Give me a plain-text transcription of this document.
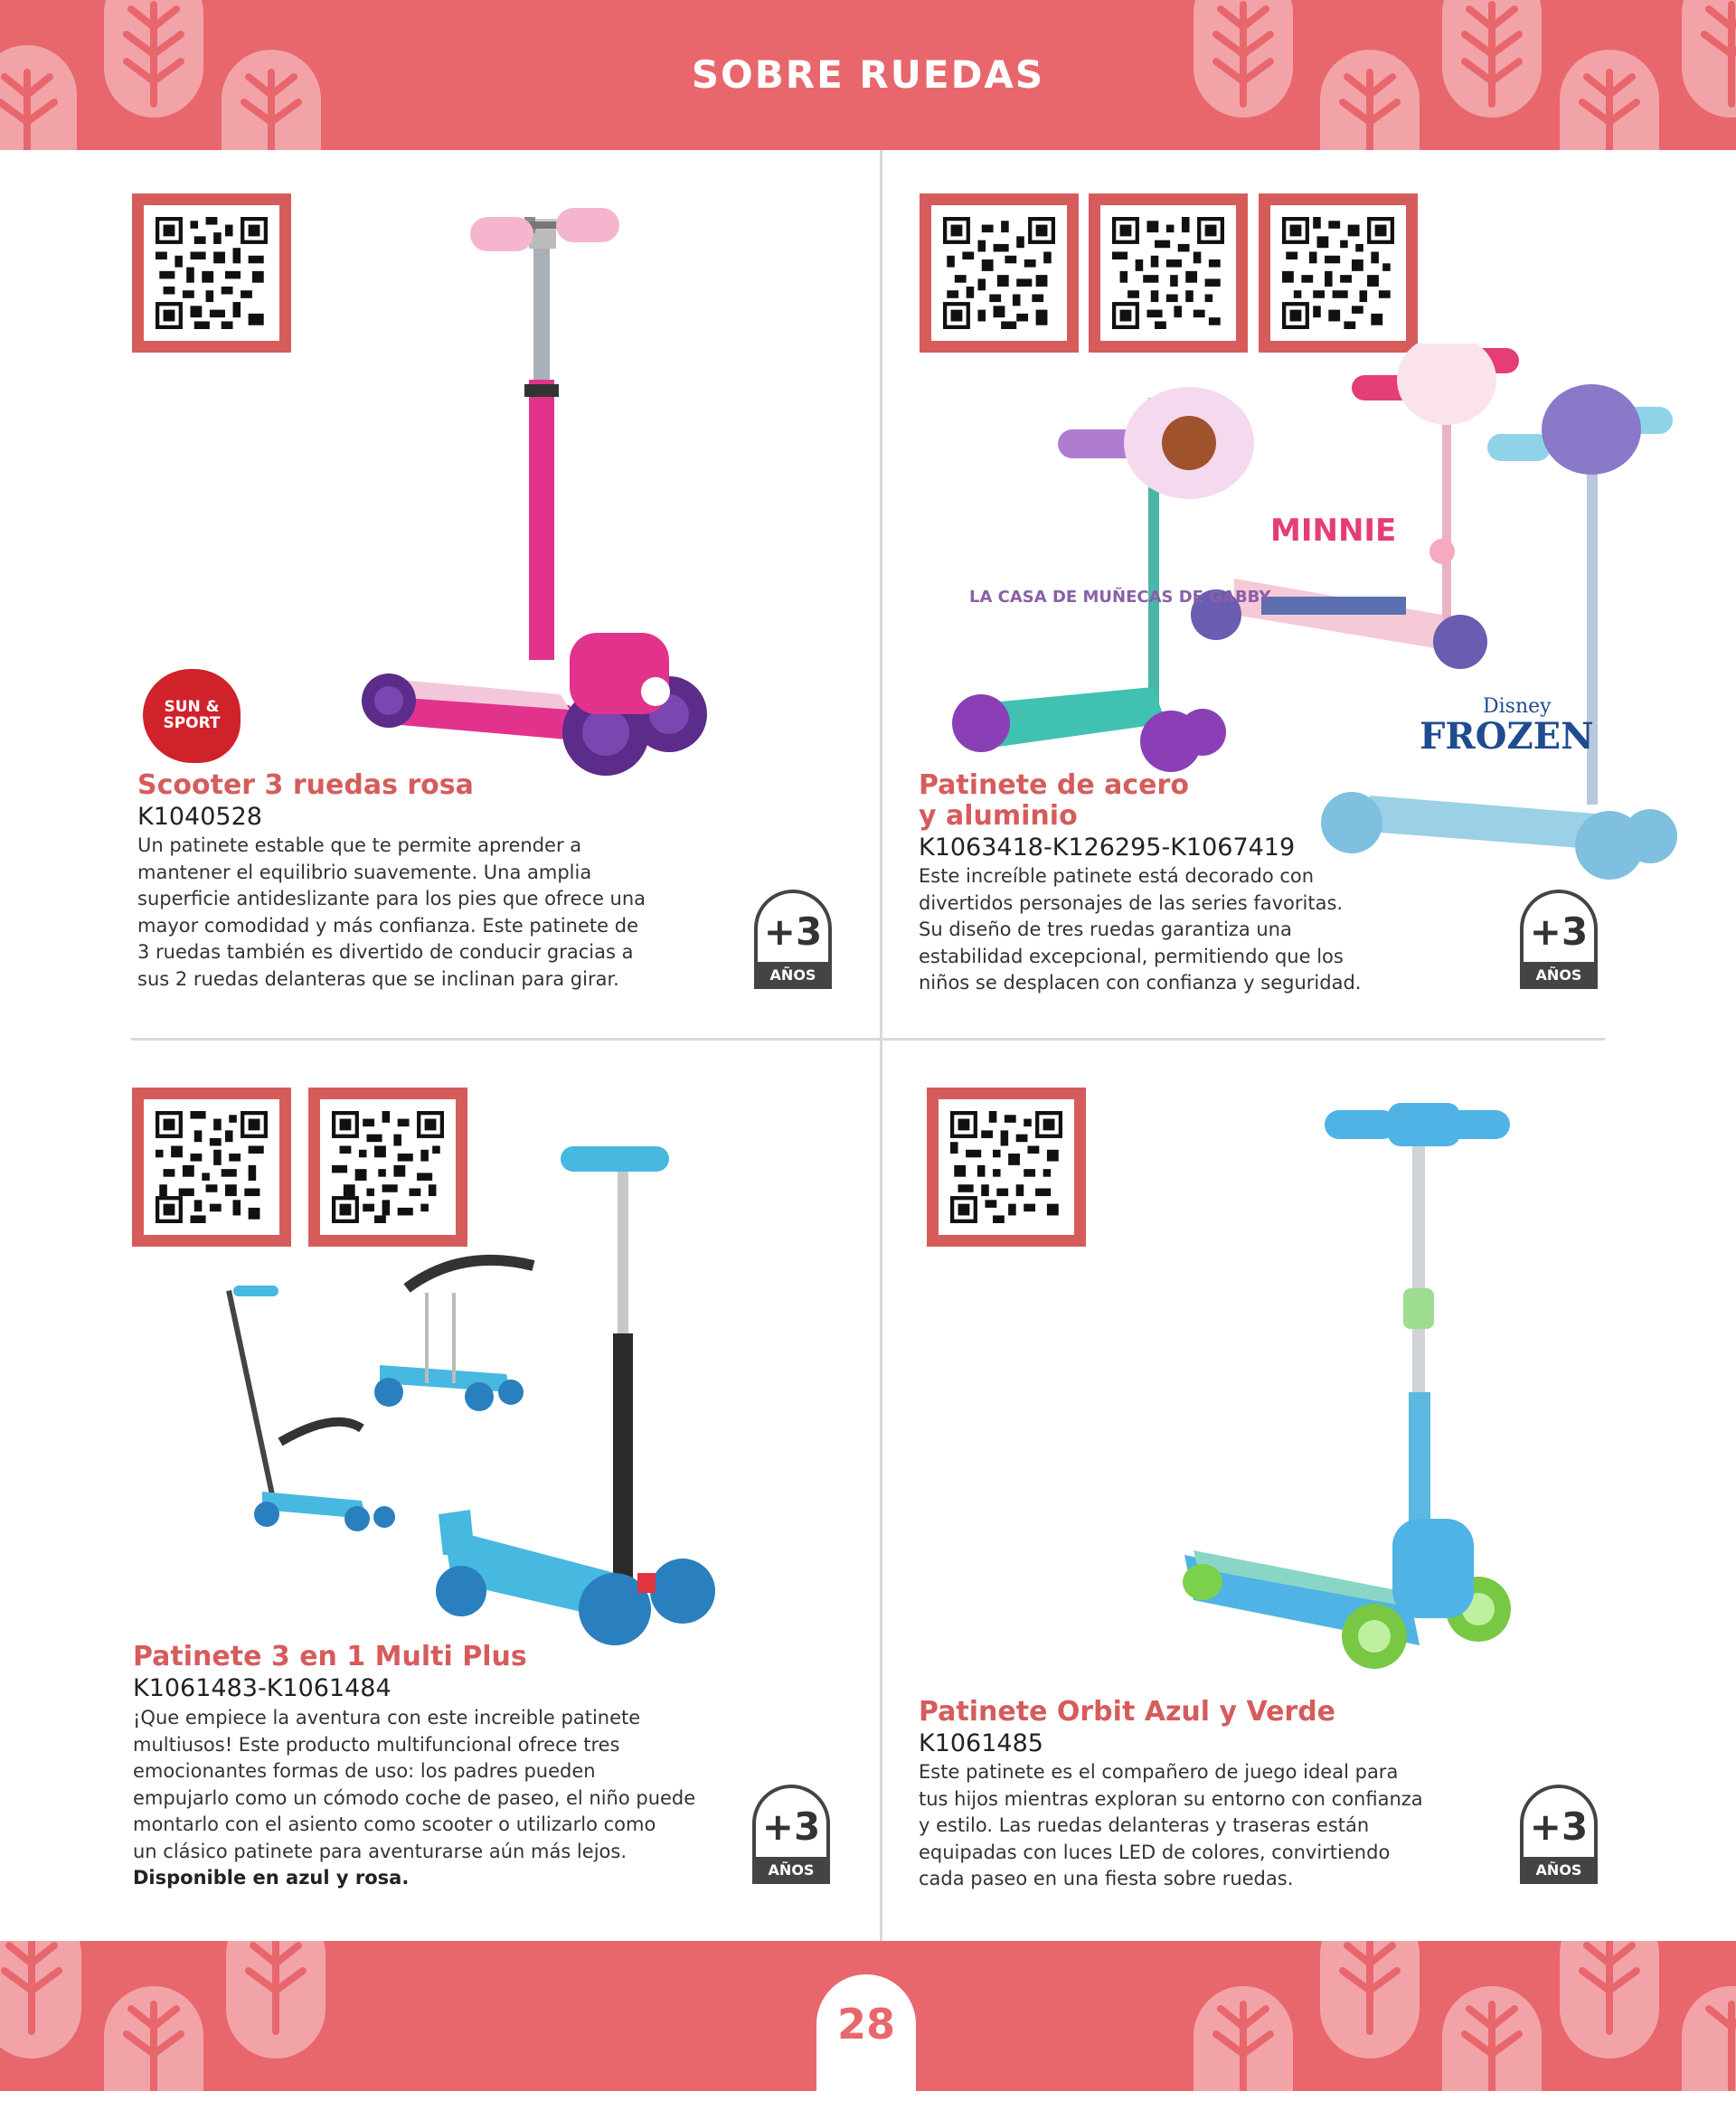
SOBRE RUEDAS
SUN & SPORT
Scooter 3 ruedas rosa
K1040528

Un patinete estable que te permite aprender a

mantener el equilibrio suavemente. Una amplia

superficie antideslizante para los pies que ofrece una

mayor comodidad y más confianza. Este patinete de

3 ruedas también es divertido de conducir gracias a

sus 2 ruedas delanteras que se inclinan para girar.

+3
AÑOS
LA CASA DE MUÑECAS DE GABBY
MINNIE
Disney
FROZEN
Patinete de acero
y aluminio
K1063418-K126295-K1067419

Este increíble patinete está decorado con

divertidos personajes de las series favoritas.

Su diseño de tres ruedas garantiza una

estabilidad excepcional, permitiendo que los

niños se desplacen con confianza y seguridad.

+3
AÑOS
Patinete 3 en 1 Multi Plus
K1061483-K1061484

¡Que empiece la aventura con este increible patinete

multiusos! Este producto multifuncional ofrece tres

emocionantes formas de uso: los padres pueden

empujarlo como un cómodo coche de paseo, el niño puede

montarlo con el asiento como scooter o utilizarlo como

un clásico patinete para aventurarse aún más lejos.

Disponible en azul y rosa.

+3
AÑOS
Patinete Orbit Azul y Verde
K1061485

Este patinete es el compañero de juego ideal para

tus hijos mientras exploran su entorno con confianza

y estilo. Las ruedas delanteras y traseras están

equipadas con luces LED de colores, convirtiendo

cada paseo en una fiesta sobre ruedas.

+3
AÑOS
28
